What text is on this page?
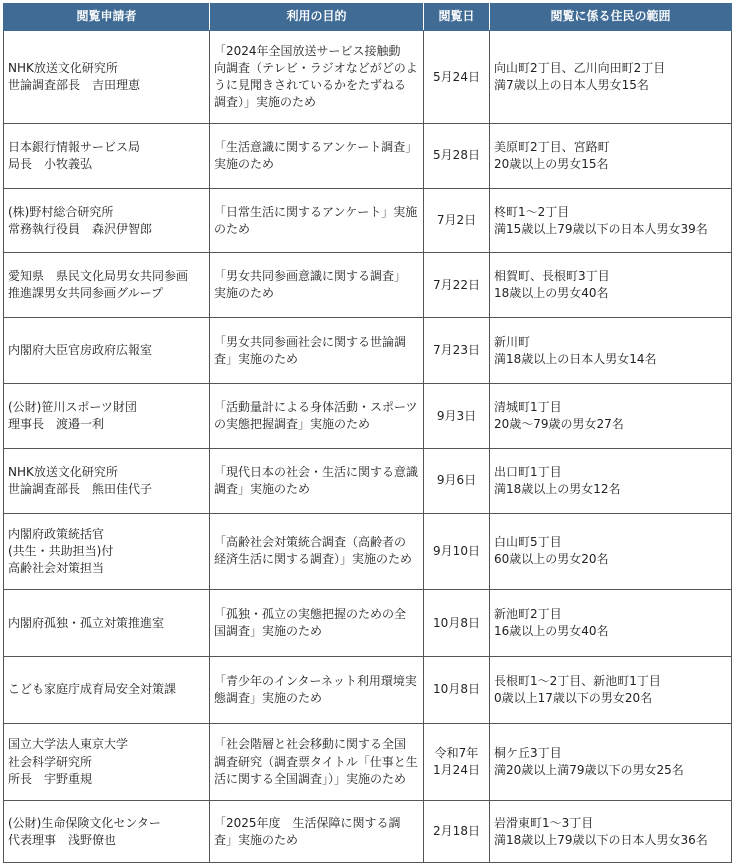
閲覧申請者	利用の目的	閲覧日	閲覧に係る住民の範囲

NHK放送文化研究所
世論調査部長　吉田理恵	「2024年全国放送サービス接触動
向調査（テレビ・ラジオなどがどのよ
うに見聞きされているかをたずねる
調査）」実施のため	5月24日	向山町2丁目、乙川向田町2丁目
満7歳以上の日本人男女15名

日本銀行情報サービス局
局長　小牧義弘	「生活意識に関するアンケート調査」
実施のため	5月28日	美原町2丁目、宮路町
20歳以上の男女15名

(株)野村総合研究所
常務執行役員　森沢伊智郎	「日常生活に関するアンケート」実施
のため	7月2日	柊町1～2丁目
満15歳以上79歳以下の日本人男女39名

愛知県　県民文化局男女共同参画
推進課男女共同参画グループ	「男女共同参画意識に関する調査」
実施のため	7月22日	相賀町、長根町3丁目
18歳以上の男女40名

内閣府大臣官房政府広報室	「男女共同参画社会に関する世論調
査」実施のため	7月23日	新川町
満18歳以上の日本人男女14名

(公財)笹川スポーツ財団
理事長　渡邉一利	「活動量計による身体活動・スポーツ
の実態把握調査」実施のため	9月3日	清城町1丁目
20歳～79歳の男女27名

NHK放送文化研究所
世論調査部長　熊田佳代子	「現代日本の社会・生活に関する意識
調査」実施のため	9月6日	出口町1丁目
満18歳以上の男女12名

内閣府政策統括官
(共生・共助担当)付
高齢社会対策担当	「高齢社会対策統合調査（高齢者の
経済生活に関する調査）」実施のため	9月10日	白山町5丁目
60歳以上の男女20名

内閣府孤独・孤立対策推進室	「孤独・孤立の実態把握のための全
国調査」実施のため	10月8日	新池町2丁目
16歳以上の男女40名

こども家庭庁成育局安全対策課	「青少年のインターネット利用環境実
態調査」実施のため	10月8日	長根町1～2丁目、新池町1丁目
0歳以上17歳以下の男女20名

国立大学法人東京大学
社会科学研究所
所長　宇野重規	「社会階層と社会移動に関する全国
調査研究（調査票タイトル「仕事と生
活に関する全国調査」）」実施のため	令和7年
1月24日	桐ケ丘3丁目
満20歳以上満79歳以下の男女25名

(公財)生命保険文化センター
代表理事　浅野僚也	「2025年度　生活保障に関する調
査」実施のため	2月18日	岩滑東町1～3丁目
満18歳以上79歳以下の日本人男女36名
